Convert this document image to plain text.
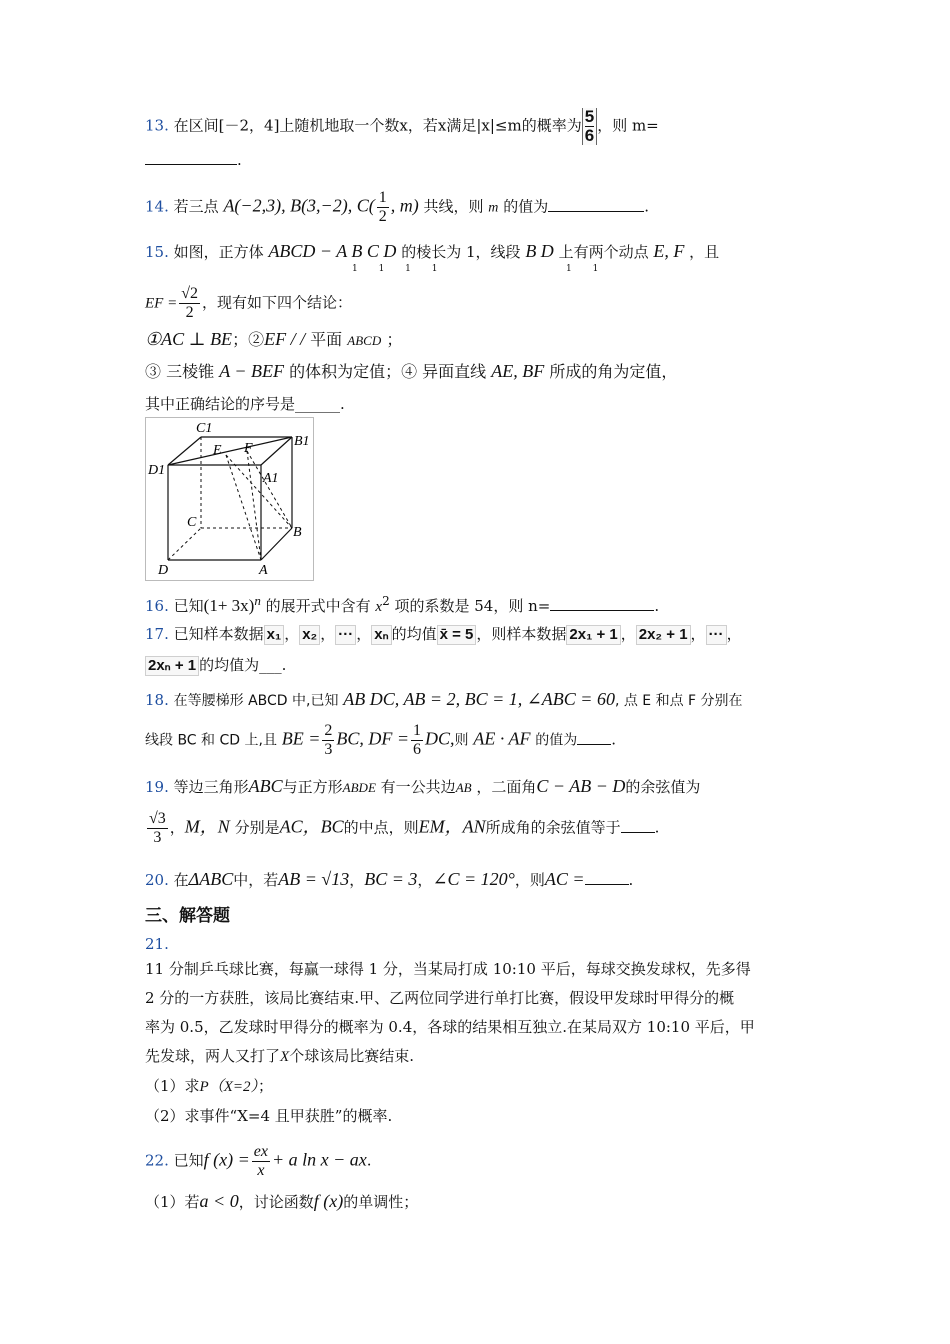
13. 在区间[－2，4]上随机地取一个数x，若x满足|x|≤m的概率为 $\frac{5}{6}$ ，则 m=
.
14. 若三点 A(−2,3), B(3,−2), $C( \frac{1}{2}$ , m) 共线，则 m 的值为	.
15. 如图，正方体 ABCD − A B C D 的棱长为 1，线段 B D 上有两个动点 E, F ，且
1 1 1 1	1 1
EF = $\frac{√2}{2}$ ，现有如下四个结论：
①AC ⊥ BE；②EF / / 平面 ABCD ；
③ 三棱锥 A − BEF 的体积为定值；④ 异面直线 AE, BF 所成的角为定值，
其中正确结论的序号是______.
C1
B1
D1
E F
A1
C
B
D	A
16. 已知$(1+ 3x)^n$ 的展开式中含有 $x^2$ 项的系数是 54，则 n=	.
17. 已知样本数据 x₁ ， x₂ ， ··· ， xₙ 的均值 x̄ = 5 ，则样本数据 2x₁ + 1 ， 2x₂ + 1 ， ··· ，
2xₙ + 1 的均值为___.
18. 在等腰梯形 ABCD 中,已知 AB DC, AB = 2, BC = 1, ∠ABC = 60, 点 E 和点 F 分别在
线段 BC 和 CD 上,且 BE = $\frac{2}{3}$ BC, DF = $\frac{1}{6}$ DC,则 AE · AF 的值为 .
19. 等边三角形ABC与正方形ABDE 有一公共边AB ，二面角C − AB − D的余弦值为
$\frac{√3}{3}$ ，M，N 分别是AC，BC的中点，则EM，AN所成角的余弦值等于 .
20. 在ΔABC中，若AB = √13，BC = 3，∠C = 120°，则AC =	.
三、解答题
21.
11 分制乒乓球比赛，每赢一球得 1 分，当某局打成 10:10 平后，每球交换发球权，先多得
2 分的一方获胜，该局比赛结束.甲、乙两位同学进行单打比赛，假设甲发球时甲得分的概
率为 0.5，乙发球时甲得分的概率为 0.4，各球的结果相互独立.在某局双方 10:10 平后，甲
先发球，两人又打了X个球该局比赛结束.
（1）求P（X=2）；
（2）求事件“X=4 且甲获胜”的概率.
22. 已知f $(x) = \frac{ex}{x} + a$ ln x − ax.
（1）若a < 0，讨论函数f (x)的单调性；
